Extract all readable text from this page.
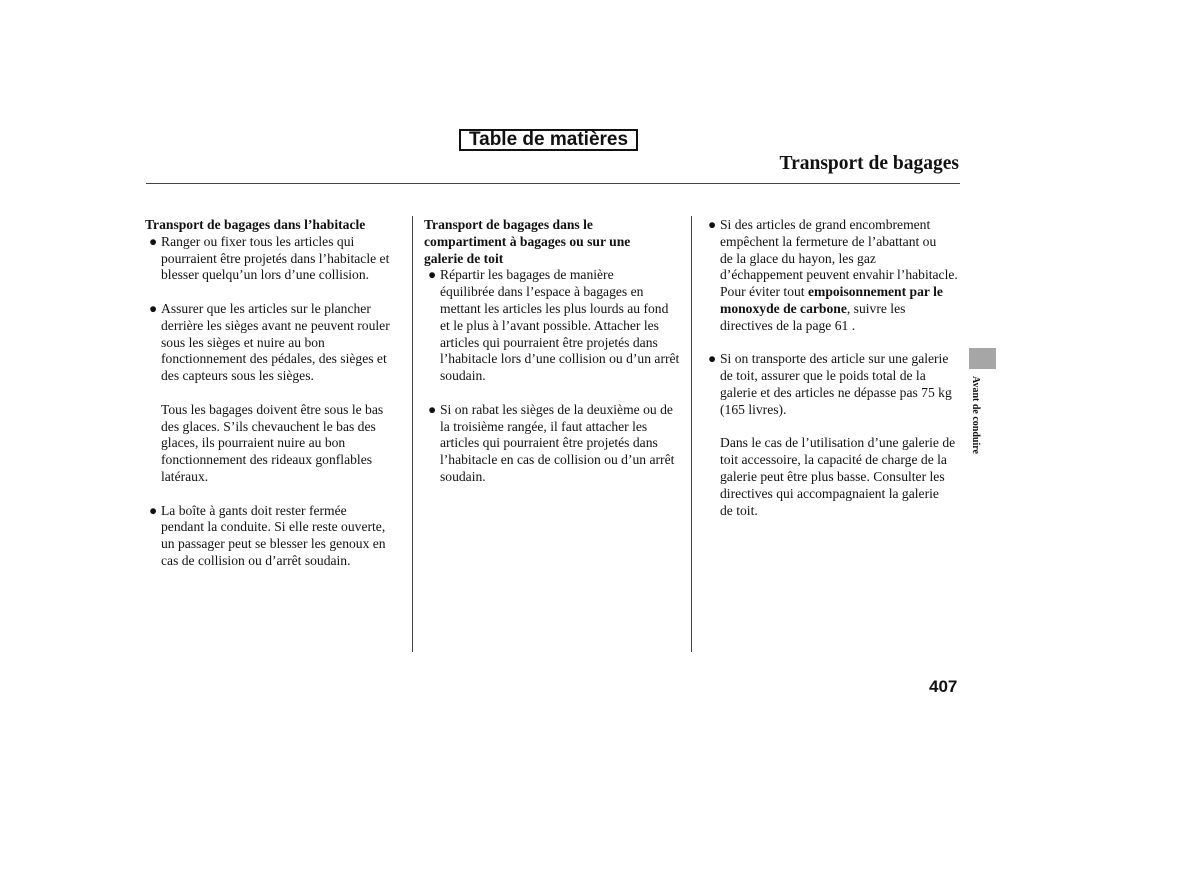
Table de matières
Transport de bagages

Transport de bagages dans l’habitacle

● Ranger ou fixer tous les articles qui
pourraient être projetés dans l’habitacle et
blesser quelqu’un lors d’une collision.
● Assurer que les articles sur le plancher
derrière les sièges avant ne peuvent rouler
sous les sièges et nuire au bon
fonctionnement des pédales, des sièges et
des capteurs sous les sièges.
Tous les bagages doivent être sous le bas
des glaces. S’ils chevauchent le bas des
glaces, ils pourraient nuire au bon
fonctionnement des rideaux gonflables
latéraux.
● La boîte à gants doit rester fermée
pendant la conduite. Si elle reste ouverte,
un passager peut se blesser les genoux en
cas de collision ou d’arrêt soudain.
Transport de bagages dans le
compartiment à bagages ou sur une
galerie de toit
● Répartir les bagages de manière
équilibrée dans l’espace à bagages en
mettant les articles les plus lourds au fond
et le plus à l’avant possible. Attacher les
articles qui pourraient être projetés dans
l’habitacle lors d’une collision ou d’un arrêt
soudain.
● Si on rabat les sièges de la deuxième ou de
la troisième rangée, il faut attacher les
articles qui pourraient être projetés dans
l’habitacle en cas de collision ou d’un arrêt
soudain.
● Si des articles de grand encombrement
empêchent la fermeture de l’abattant ou
de la glace du hayon, les gaz
d’échappement peuvent envahir l’habitacle.
Pour éviter tout empoisonnement par le
monoxyde de carbone, suivre les
directives de la page 61 .
● Si on transporte des article sur une galerie
de toit, assurer que le poids total de la
galerie et des articles ne dépasse pas 75 kg
(165 livres).
Dans le cas de l’utilisation d’une galerie de
toit accessoire, la capacité de charge de la
galerie peut être plus basse. Consulter les
directives qui accompagnaient la galerie
de toit.
Avant de conduire
407
